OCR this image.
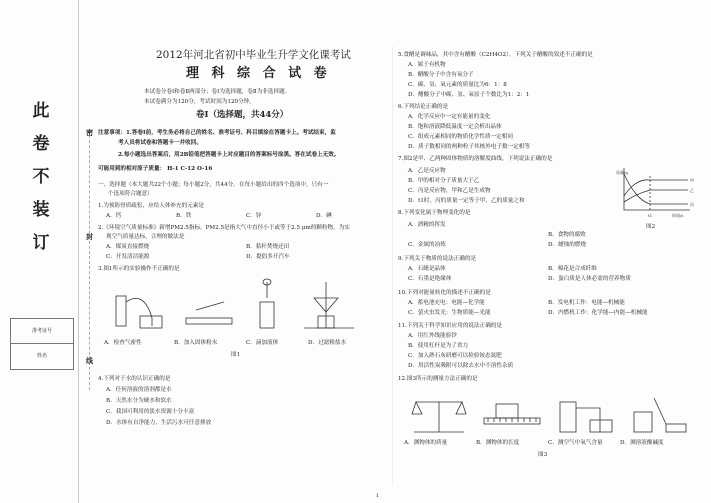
此
卷
不
装
订
准考证号
姓名
密
封
线
2012年河北省初中毕业生升学文化课考试
理 科 综 合 试 卷
本试卷分卷Ⅰ和卷Ⅱ两部分；卷Ⅰ为选择题，卷Ⅱ为非选择题。
本试卷满分为120分，考试时间为120分钟。
卷Ⅰ（选择题，共44分）
注意事项：1.答卷Ⅰ前，考生务必将自己的姓名、准考证号、科目填涂在答题卡上。考试结束，监
考人员将试卷和答题卡一并收回。
2.每小题选出答案后，用2B铅笔把答题卡上对应题目的答案标号涂黑。答在试卷上无效。
可能用到的相对原子质量： H-1 C-12 O-16
一、选择题（本大题共22个小题；每小题2分，共44分。在每小题给出的四个选项中，只有一
个选项符合题意）
1.为预防骨质疏松，应给人体补充的元素是
A．钙	B．铁	C．锌	D．碘
2.《环境空气质量标准》新增PM2.5指标，PM2.5是指大气中直径小于或等于2.5 μm的颗粒物。为实
现空气质量达标，合理的做法是
A．煤炭直接燃烧	B．秸秆焚烧还田
C．开发清洁能源	D．提倡多开汽车
3.图1所示的实验操作不正确的是
A．检查气密性	B．加入固体粉末	C．滴加液体	D．过滤粗盐水
图1
4.下列对于水的认识正确的是
A．任何溶液的溶剂都是水
B．天然水分为硬水和软水
C．我国可利用的淡水资源十分丰富
D．水体有自净能力，生活污水可任意排放
5.食醋是调味品，其中含有醋酸（C2H4O2）。下列关于醋酸的叙述不正确的是
A．属于有机物
B．醋酸分子中含有氧分子
C．碳、氢、氧元素的质量比为6：1：8
D．醋酸分子中碳、氢、氧原子个数比为1：2：1
6.下列结论正确的是
A．化学反应中一定有能量的变化
B．饱和溶液降低温度一定会析出晶体
C．组成元素相同的物质化学性质一定相同
D．质子数相同的两种粒子其核外电子数一定相等
7.图2是甲、乙两种固体物质的溶解度曲线，下列说法正确的是
A．乙是反应物
B．甲的相对分子质量大于乙
C．丙是反应物，甲和乙是生成物
D．t1时，丙的质量一定等于甲、乙的质量之和
质量/g
时间/s
t1
甲
乙
丙
图2
8.下列变化属于物理变化的是
A．酒精的挥发
B．食物的腐败
C．金属的冶炼	D．蜡烛的燃烧
9.下列关于物质的说法正确的是
A．石蜡是晶体	B．棉花是合成纤维
C．石墨是绝缘体	D．蛋白质是人体必需的营养物质
10.下列对能量转化的描述不正确的是
A．蓄电池充电：电能—化学能	B．发电机工作：电能—机械能
C．萤火虫发光：生物质能—光能	D．内燃机工作：化学能—内能—机械能
11.下列关于科学知识应用的说法正确的是
A．用红外线能验钞
B．使用杠杆是为了省力
C．加入熟石灰研磨可以检验铵态氮肥
D．用活性炭吸附可以除去水中不溶性杂质
12.图3所示的测量方法正确的是
A．测物体的质量	B．测物体的长度	C．测空气中氧气含量	D．测溶液酸碱度
图3
1
